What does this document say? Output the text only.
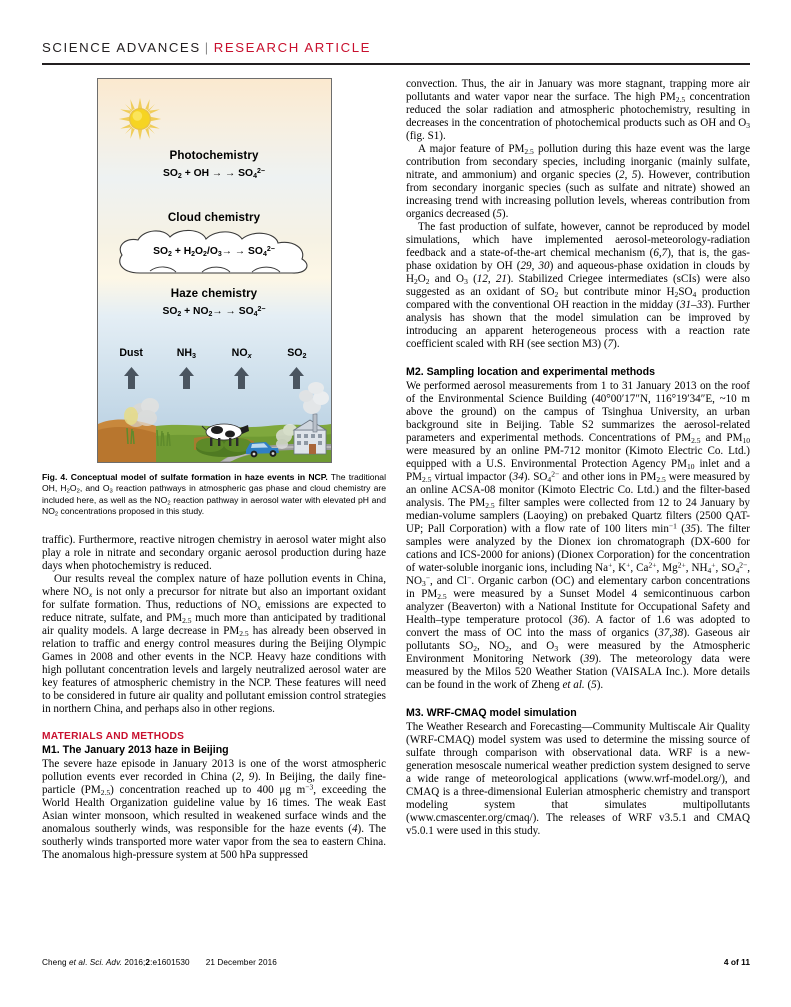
SCIENCE ADVANCES | RESEARCH ARTICLE
Photochemistry
$SO_2$ + OH → → $SO_4^{2-}$
Cloud chemistry
$SO_2 + H_2O_2/O_3\to \to SO_4^{2-}$
Haze chemistry
$SO_2 + NO_2\to \to SO_4^{2-}$
Dust	$NH_3$	$NO_x$	$SO_2$
Fig. 4. Conceptual model of sulfate formation in haze events in NCP. The traditional OH, $H_2O_2$, and $O_3$ reaction pathways in atmospheric gas phase and cloud chemistry are included here, as well as the $NO_2$ reaction pathway in aerosol water with elevated pH and $NO_2$ concentrations proposed in this study.

traffic). Furthermore, reactive nitrogen chemistry in aerosol water might also play a role in nitrate and secondary organic aerosol production during haze days when photochemistry is reduced.

Our results reveal the complex nature of haze pollution events in China, where $NO_x$ is not only a precursor for nitrate but also an important oxidant for sulfate formation. Thus, reductions of $NO_x$ emissions are expected to reduce nitrate, sulfate, and $PM_{2.5}$ much more than anticipated by traditional air quality models. A large decrease in $PM_{2.5}$ has already been observed in relation to traffic and energy control measures during the Beijing Olympic Games in 2008 and other events in the NCP. Heavy haze conditions with high pollutant concentration levels and largely neutralized aerosol water are key features of atmospheric chemistry in the NCP. These features will need to be considered in future air quality and pollutant emission control strategies in northern China, and perhaps also in other regions.

MATERIALS AND METHODS
M1. The January 2013 haze in Beijing

The severe haze episode in January 2013 is one of the worst atmospheric pollution events ever recorded in China (2, 9). In Beijing, the daily fine-particle $(PM_{2.5})$ concentration reached up to 400 μg $m^{-3}$, exceeding the World Health Organization guideline value by 16 times. The weak East Asian winter monsoon, which resulted in weakened surface winds and the anomalous southerly winds, was responsible for the haze events (4). The southerly winds transported more water vapor from the sea to eastern China. The anomalous high-pressure system at 500 hPa suppressed

convection. Thus, the air in January was more stagnant, trapping more air pollutants and water vapor near the surface. The high $PM_{2.5}$ concentration reduced the solar radiation and atmospheric photochemistry, resulting in decreases in the concentration of photochemical products such as OH and $O_3$ (fig. S1).

A major feature of $PM_{2.5}$ pollution during this haze event was the large contribution from secondary species, including inorganic (mainly sulfate, nitrate, and ammonium) and organic species (2, 5). However, contribution from secondary inorganic species (such as sulfate and nitrate) showed an increasing trend with increasing pollution levels, whereas contribution from organics decreased (5).

The fast production of sulfate, however, cannot be reproduced by model simulations, which have implemented aerosol-meteorology-radiation feedback and a state-of-the-art chemical mechanism (6,7), that is, the gas-phase oxidation by OH (29, 30) and aqueous-phase oxidation in clouds by $H_2O_2$ and $O_3$ (12, 21). Stabilized Criegee intermediates (sCIs) were also suggested as an oxidant of $SO_2$ but contribute minor $H_2SO_4$ production compared with the conventional OH reaction in the midday (31–33). Further analysis has shown that the model simulation can be improved by introducing an apparent heterogeneous process with a reaction rate coefficient scaled with RH (see section M3) (7).

M2. Sampling location and experimental methods

We performed aerosol measurements from 1 to 31 January 2013 on the roof of the Environmental Science Building (40°00′17″N, 116°19′34″E, ~10 m above the ground) on the campus of Tsinghua University, an urban background site in Beijing. Table S2 summarizes the aerosol-related parameters and experimental methods. Concentrations of $PM_{2.5}$ and $PM_{10}$ were measured by an online PM-712 monitor (Kimoto Electric Co. Ltd.) equipped with a U.S. Environmental Protection Agency $PM_{10}$ inlet and a $PM_{2.5}$ virtual impactor (34). $SO_4^{2-}$ and other ions in $PM_{2.5}$ were measured by an online ACSA-08 monitor (Kimoto Electric Co. Ltd.) and the filter-based analysis. The $PM_{2.5}$ filter samples were collected from 12 to 24 January by median-volume samplers (Laoying) on prebaked Quartz filters (2500 QAT-UP; Pall Corporation) with a flow rate of 100 liters $\min^{-1} (35)$. The filter samples were analyzed by the Dionex ion chromatograph (DX-600 for cations and ICS-2000 for anions) (Dionex Corporation) for the concentration of water-soluble inorganic ions, including Na+, K+, $Ca^{2+}$, $Mg^{2+}$, $NH_4^+$, $SO_4^{2-}$, $NO_3^-$, and Cl−. Organic carbon (OC) and elementary carbon concentrations in $PM_{2.5}$ were measured by a Sunset Model 4 semicontinuous carbon analyzer (Beaverton) with a National Institute for Occupational Safety and Health–type temperature protocol (36). A factor of 1.6 was adopted to convert the mass of OC into the mass of organics (37,38). Gaseous air pollutants $SO_2$, $NO_2$, and $O_3$ were measured by the Atmospheric Environment Monitoring Network (39). The meteorology data were measured by the Milos 520 Weather Station (VAISALA Inc.). More details can be found in the work of Zheng et al. (5).

M3. WRF-CMAQ model simulation

The Weather Research and Forecasting—Community Multiscale Air Quality (WRF-CMAQ) model system was used to determine the missing source of sulfate through comparison with observational data. WRF is a new-generation mesoscale numerical weather prediction system designed to serve a wide range of meteorological applications (www.wrf-model.org/), and CMAQ is a three-dimensional Eulerian atmospheric chemistry and transport modeling system that simulates multipollutants (www.cmascenter.org/cmaq/). The releases of WRF v3.5.1 and CMAQ v5.0.1 were used in this study.

Cheng et al. Sci. Adv. 2016;2:e1601530 21 December 2016	4 of 11
